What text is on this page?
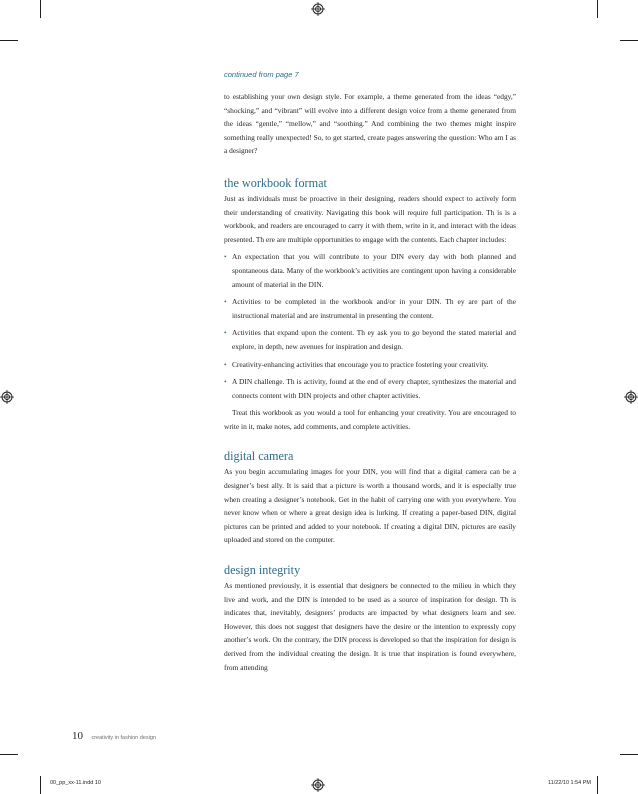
continued from page 7

to establishing your own design style. For example, a theme generated from the ideas “edgy,” “shocking,” and “vibrant” will evolve into a different design voice from a theme generated from the ideas “gentle,” “mellow,” and “soothing.” And combining the two themes might inspire something really unexpected! So, to get started, create pages answering the question: Who am I as a designer?

the workbook format

Just as individuals must be proactive in their designing, readers should expect to actively form their understanding of creativity. Navigating this book will require full participation. Th is is a workbook, and readers are encouraged to carry it with them, write in it, and interact with the ideas presented. Th ere are multiple opportunities to engage with the contents. Each chapter includes:

• An expectation that you will contribute to your DIN every day with both planned and spontaneous data. Many of the workbook’s activities are contingent upon having a considerable amount of material in the DIN.
• Activities to be completed in the workbook and/or in your DIN. Th ey are part of the instructional material and are instrumental in presenting the content.
• Activities that expand upon the content. Th ey ask you to go beyond the stated material and explore, in depth, new avenues for inspiration and design.
• Creativity-enhancing activities that encourage you to practice fostering your creativity.
• A DIN challenge. Th is activity, found at the end of every chapter, synthesizes the material and connects content with DIN projects and other chapter activities.

Treat this workbook as you would a tool for enhancing your creativity. You are encouraged to write in it, make notes, add comments, and complete activities.

digital camera

As you begin accumulating images for your DIN, you will find that a digital camera can be a designer’s best ally. It is said that a picture is worth a thousand words, and it is especially true when creating a designer’s notebook. Get in the habit of carrying one with you everywhere. You never know when or where a great design idea is lurking. If creating a paper-based DIN, digital pictures can be printed and added to your notebook. If creating a digital DIN, pictures are easily uploaded and stored on the computer.

design integrity

As mentioned previously, it is essential that designers be connected to the milieu in which they live and work, and the DIN is intended to be used as a source of inspiration for design. Th is indicates that, inevitably, designers’ products are impacted by what designers learn and see. However, this does not suggest that designers have the desire or the intention to expressly copy another’s work. On the contrary, the DIN process is developed so that the inspiration for design is derived from the individual creating the design. It is true that inspiration is found everywhere, from attending

10 creativity in fashion design
00_pp_xx-11.indd 10	11/22/10 1:54 PM
